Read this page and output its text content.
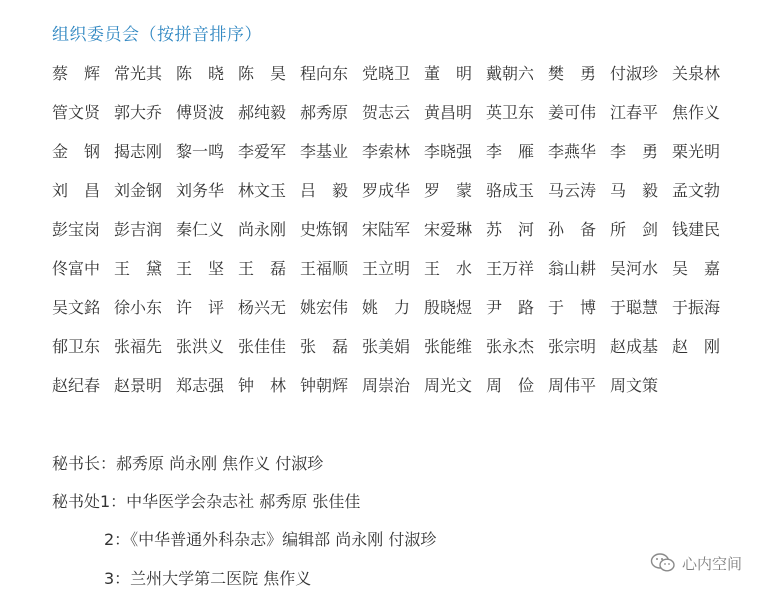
组织委员会（按拼音排序）
蔡　辉 常光其 陈　晓 陈　昊 程向东 党晓卫 董　明 戴朝六 樊　勇 付淑珍 关泉林
管文贤 郭大乔 傅贤波 郝纯毅 郝秀原 贺志云 黄昌明 英卫东 姜可伟 江春平 焦作义
金　钢 揭志刚 黎一鸣 李爱军 李基业 李索林 李晓强 李　雁 李燕华 李　勇 栗光明
刘　昌 刘金钢 刘务华 林文玉 吕　毅 罗成华 罗　蒙 骆成玉 马云涛 马　毅 孟文勃
彭宝岗 彭吉润 秦仁义 尚永刚 史炼钢 宋陆军 宋爱琳 苏　河 孙　备 所　剑 钱建民
佟富中 王　黛 王　坚 王　磊 王福顺 王立明 王　水 王万祥 翁山耕 吴河水 吴　嘉
吴文銘 徐小东 许　评 杨兴无 姚宏伟 姚　力 殷晓煜 尹　路 于　博 于聪慧 于振海
郁卫东 张福先 张洪义 张佳佳 张　磊 张美娟 张能维 张永杰 张宗明 赵成基 赵　刚
赵纪春 赵景明 郑志强 钟　林 钟朝辉 周崇治 周光文 周　俭 周伟平 周文策
秘书长：郝秀原 尚永刚 焦作义 付淑珍
秘书处1：中华医学会杂志社 郝秀原 张佳佳
2：《中华普通外科杂志》编辑部 尚永刚 付淑珍
3：兰州大学第二医院 焦作义
心内空间
